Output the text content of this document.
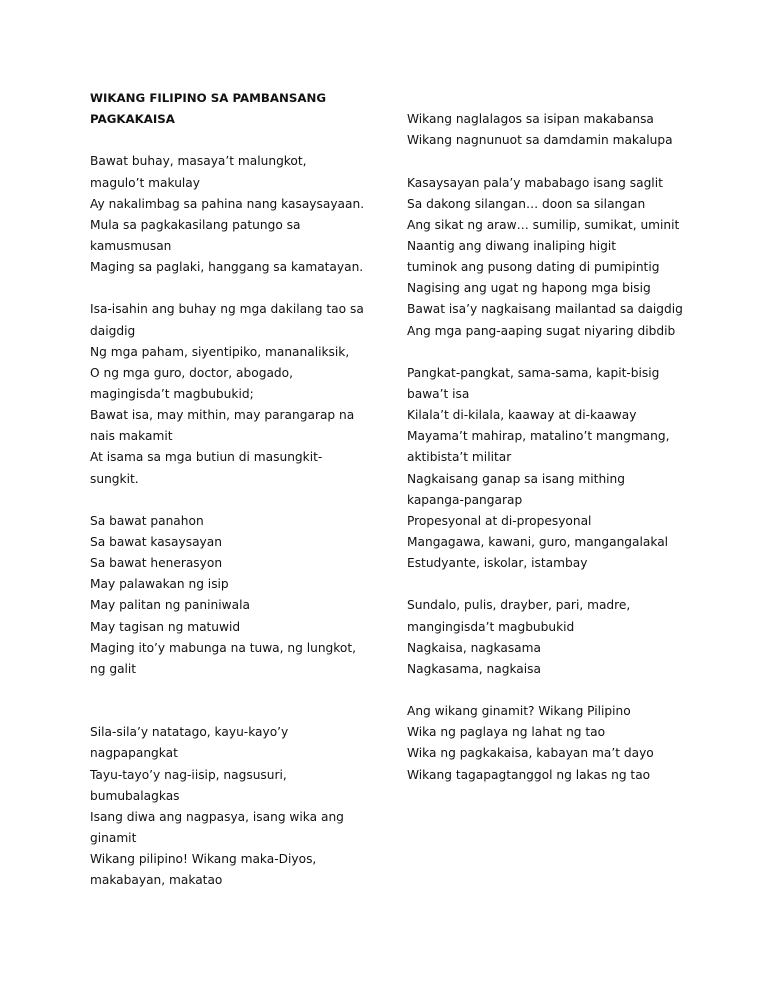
WIKANG FILIPINO SA PAMBANSANG
PAGKAKAISA
Bawat buhay, masaya’t malungkot,
magulo’t makulay
Ay nakalimbag sa pahina nang kasaysayaan.
Mula sa pagkakasilang patungo sa
kamusmusan
Maging sa paglaki, hanggang sa kamatayan.
Isa-isahin ang buhay ng mga dakilang tao sa
daigdig
Ng mga paham, siyentipiko, mananaliksik,
O ng mga guro, doctor, abogado,
magingisda’t magbubukid;
Bawat isa, may mithin, may parangarap na
nais makamit
At isama sa mga butiun di masungkit-
sungkit.
Sa bawat panahon
Sa bawat kasaysayan
Sa bawat henerasyon
May palawakan ng isip
May palitan ng paniniwala
May tagisan ng matuwid
Maging ito’y mabunga na tuwa, ng lungkot,
ng galit
Sila-sila’y natatago, kayu-kayo’y
nagpapangkat
Tayu-tayo’y nag-iisip, nagsusuri,
bumubalagkas
Isang diwa ang nagpasya, isang wika ang
ginamit
Wikang pilipino! Wikang maka-Diyos,
makabayan, makatao
Wikang naglalagos sa isipan makabansa
Wikang nagnunuot sa damdamin makalupa
Kasaysayan pala’y mababago isang saglit
Sa dakong silangan… doon sa silangan
Ang sikat ng araw… sumilip, sumikat, uminit
Naantig ang diwang inaliping higit
tuminok ang pusong dating di pumipintig
Nagising ang ugat ng hapong mga bisig
Bawat isa’y nagkaisang mailantad sa daigdig
Ang mga pang-aaping sugat niyaring dibdib
Pangkat-pangkat, sama-sama, kapit-bisig
bawa’t isa
Kilala’t di-kilala, kaaway at di-kaaway
Mayama’t mahirap, matalino’t mangmang,
aktibista’t militar
Nagkaisang ganap sa isang mithing
kapanga-pangarap
Propesyonal at di-propesyonal
Mangagawa, kawani, guro, mangangalakal
Estudyante, iskolar, istambay
Sundalo, pulis, drayber, pari, madre,
mangingisda’t magbubukid
Nagkaisa, nagkasama
Nagkasama, nagkaisa
Ang wikang ginamit? Wikang Pilipino
Wika ng paglaya ng lahat ng tao
Wika ng pagkakaisa, kabayan ma’t dayo
Wikang tagapagtanggol ng lakas ng tao
